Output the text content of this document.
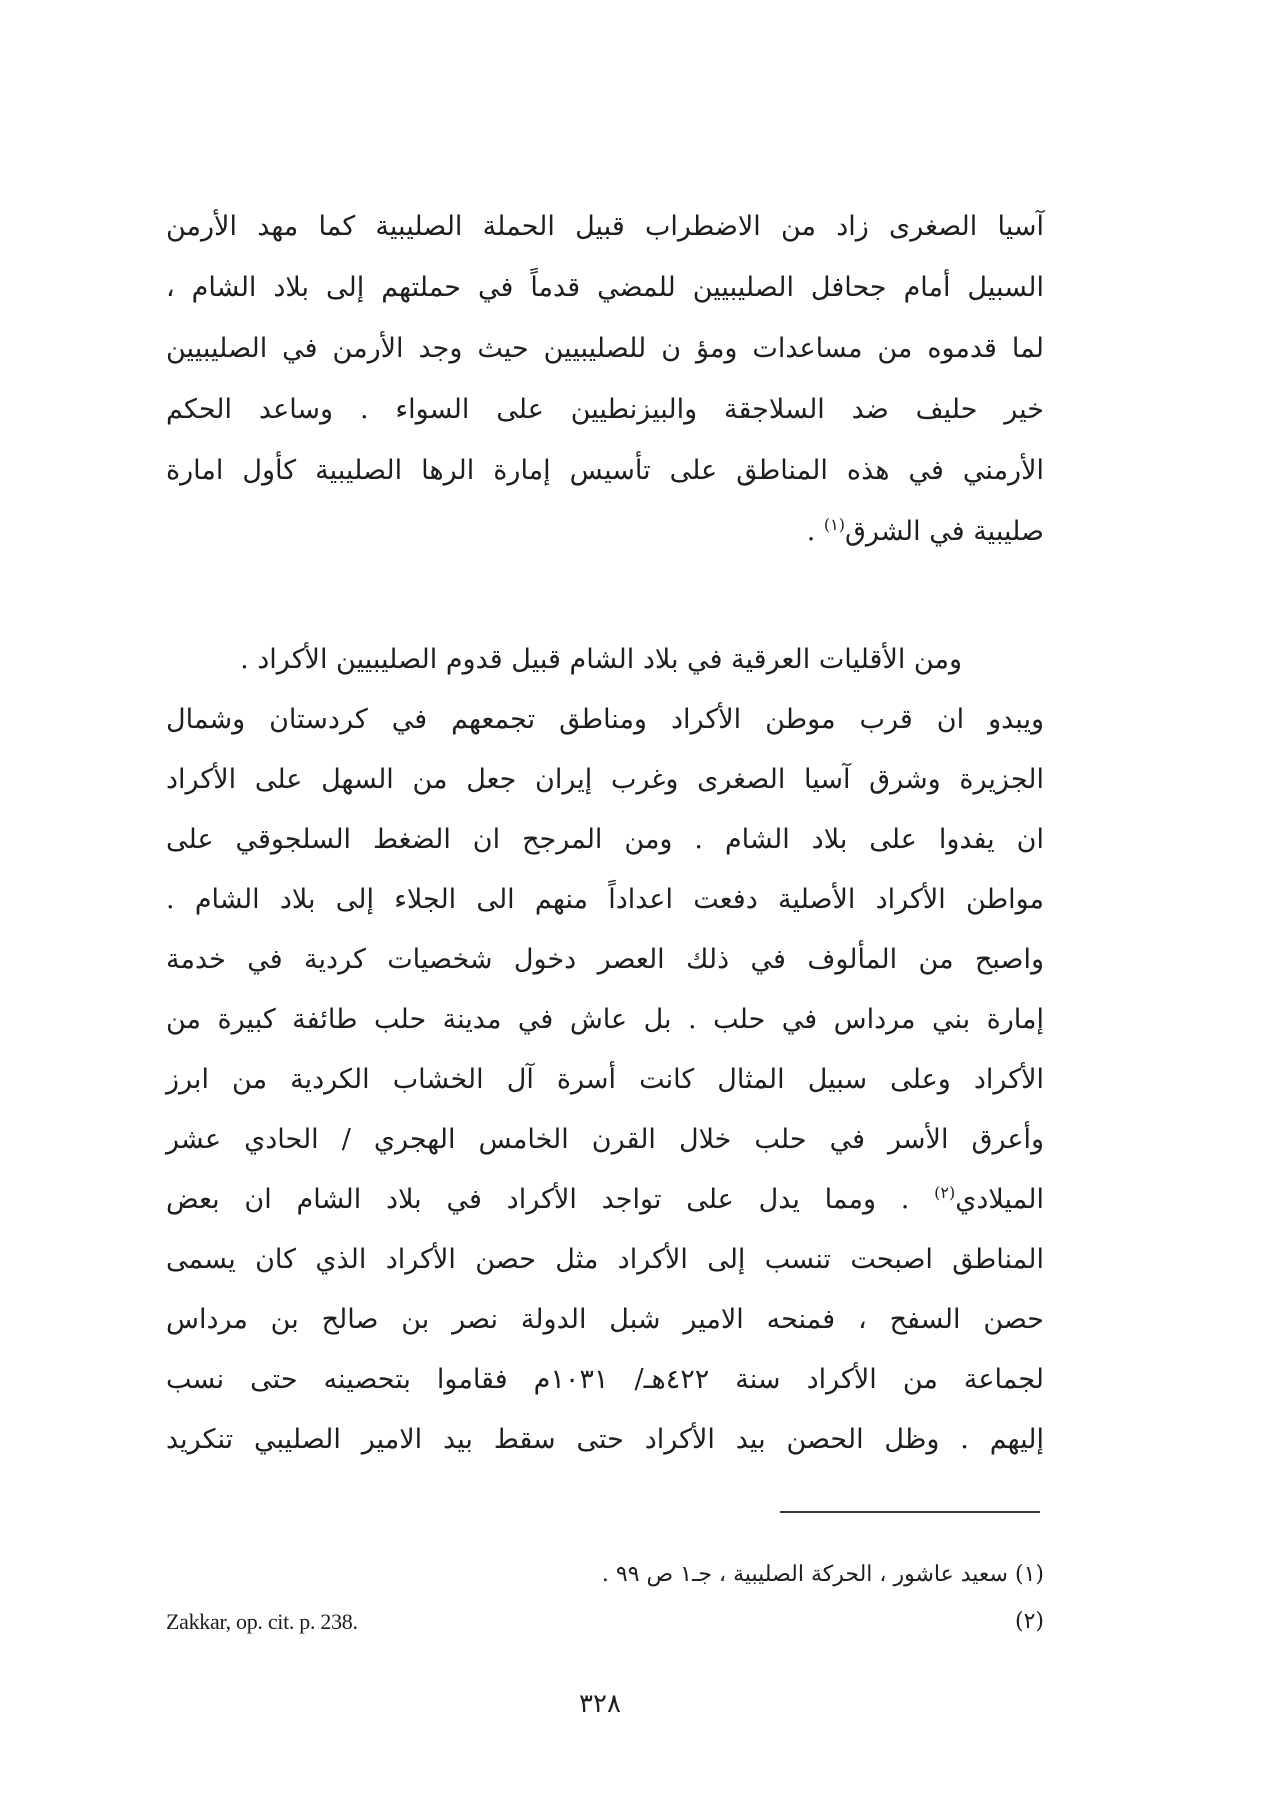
آسيا الصغرى زاد من الاضطراب قبيل الحملة الصليبية كما مهد الأرمن
السبيل أمام جحافل الصليبيين للمضي قدماً في حملتهم إلى بلاد الشام ،
لما قدموه من مساعدات ومؤ ن للصليبيين حيث وجد الأرمن في الصليبيين
خير حليف ضد السلاجقة والبيزنطيين على السواء . وساعد الحكم
الأرمني في هذه المناطق على تأسيس إمارة الرها الصليبية كأول امارة
صليبية في الشرق$^{(١)}$ .
ومن الأقليات العرقية في بلاد الشام قبيل قدوم الصليبيين الأكراد .
ويبدو ان قرب موطن الأكراد ومناطق تجمعهم في كردستان وشمال
الجزيرة وشرق آسيا الصغرى وغرب إيران جعل من السهل على الأكراد
ان يفدوا على بلاد الشام . ومن المرجح ان الضغط السلجوقي على
مواطن الأكراد الأصلية دفعت اعداداً منهم الى الجلاء إلى بلاد الشام .
واصبح من المألوف في ذلك العصر دخول شخصيات كردية في خدمة
إمارة بني مرداس في حلب . بل عاش في مدينة حلب طائفة كبيرة من
الأكراد وعلى سبيل المثال كانت أسرة آل الخشاب الكردية من ابرز
وأعرق الأسر في حلب خلال القرن الخامس الهجري / الحادي عشر
الميلادي$^{(٢)}$ . ومما يدل على تواجد الأكراد في بلاد الشام ان بعض
المناطق اصبحت تنسب إلى الأكراد مثل حصن الأكراد الذي كان يسمى
حصن السفح ، فمنحه الامير شبل الدولة نصر بن صالح بن مرداس
لجماعة من الأكراد سنة ٤٢٢هـ/ ١٠٣١م فقاموا بتحصينه حتى نسب
إليهم . وظل الحصن بيد الأكراد حتى سقط بيد الامير الصليبي تنكريد
(١) سعيد عاشور ، الحركة الصليبية ، جـ١ ص ٩٩ .
(٢)
Zakkar, op. cit. p. 238.
٣٢٨
